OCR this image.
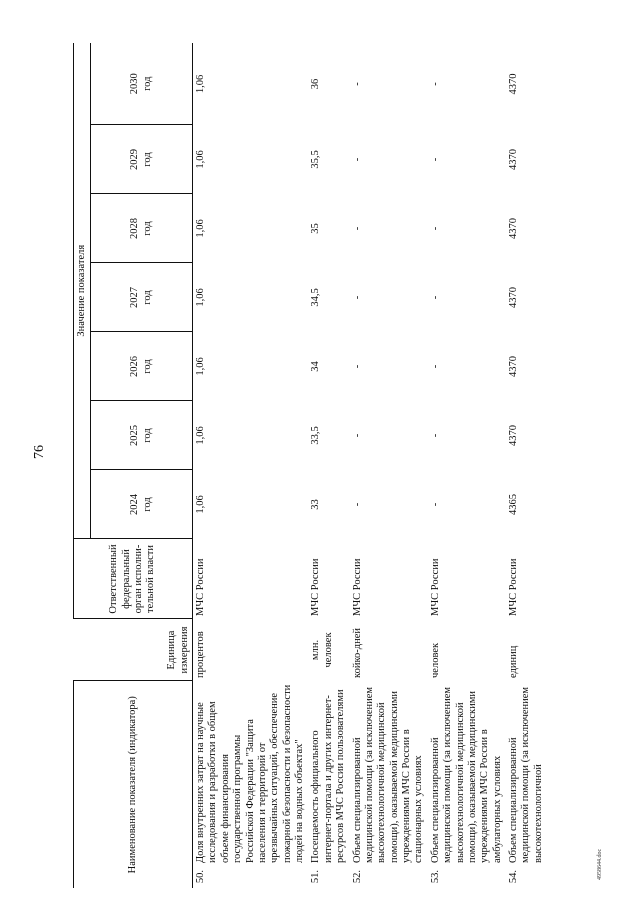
76
Наименование показателя (индикатора)		Единица
измерения	Ответственный
федеральный
орган исполни-
тельной власти	Значение показателя						
				2024
год	2025
год	2026
год	2027
год	2028
год	2029
год	2030
год
50.	Доля внутренних затрат на научные исследования и разработки в общем объеме финансирования государственной программы Российской Федерации "Защита населения и территорий от чрезвычайных ситуаций, обеспечение пожарной безопасности и безопасности людей на водных объектах"	процентов	МЧС России	1,06	1,06	1,06	1,06	1,06	1,06	1,06
51.	Посещаемость официального интернет-портала и других интернет-ресурсов МЧС России пользователями	млн.
человек	МЧС России	33	33,5	34	34,5	35	35,5	36
52.	Объем специализированной медицинской помощи (за исключением высокотехнологичной медицинской помощи), оказываемой медицинскими учреждениями МЧС России в стационарных условиях	койко-дней	МЧС России	-	-	-	-	-	-	-
53.	Объем специализированной медицинской помощи (за исключением высокотехнологичной медицинской помощи), оказываемой медицинскими учреждениями МЧС России в амбулаторных условиях	человек	МЧС России	-	-	-	-	-	-	-
54.	Объем специализированной медицинской помощи (за исключением высокотехнологичной	единиц	МЧС России	4365	4370	4370	4370	4370	4370	4370
4958644.doc
